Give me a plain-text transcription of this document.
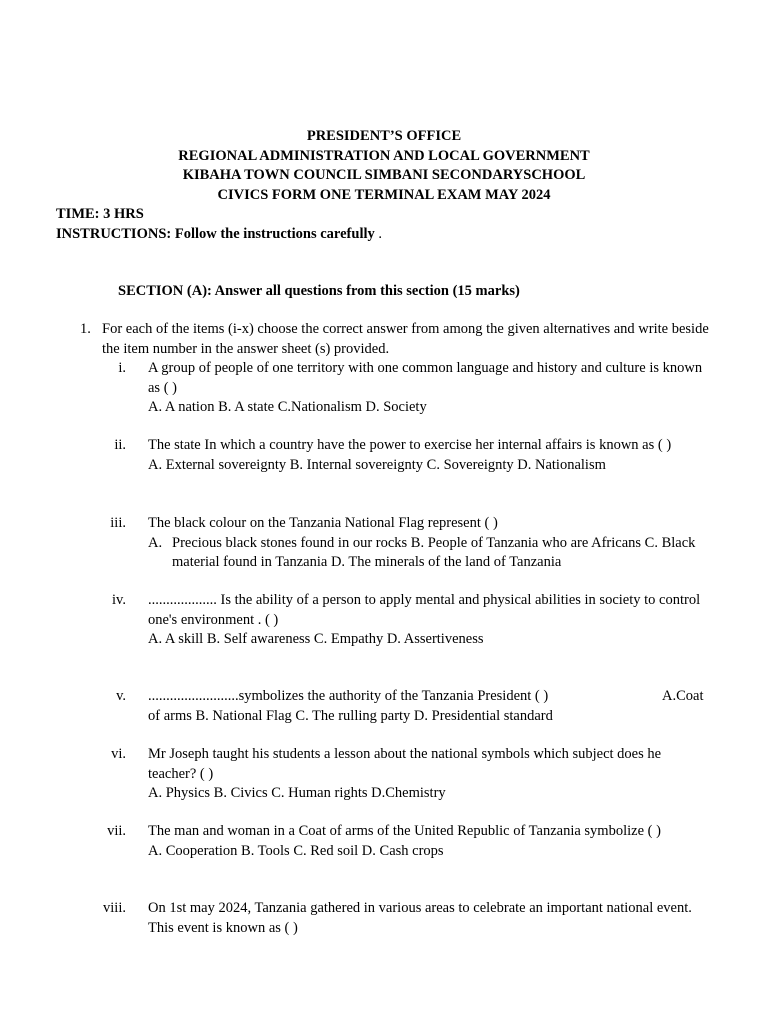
PRESIDENT’S OFFICE
REGIONAL ADMINISTRATION AND LOCAL GOVERNMENT
KIBAHA TOWN COUNCIL SIMBANI SECONDARYSCHOOL
CIVICS FORM ONE TERMINAL EXAM MAY 2024
TIME: 3 HRS
INSTRUCTIONS: Follow the instructions carefully .
SECTION (A): Answer all questions from this section (15 marks)
1. For each of the items (i-x) choose the correct answer from among the given alternatives and write beside the item number in the answer sheet (s) provided.
i. A group of people of one territory with one common language and history and culture is known as ( )
A. A nation B. A state C.Nationalism D. Society
ii. The state In which a country have the power to exercise her internal affairs is known as ( )
A. External sovereignty B. Internal sovereignty C. Sovereignty D. Nationalism
iii. The black colour on the Tanzania National Flag represent ( )
A. Precious black stones found in our rocks B. People of Tanzania who are Africans C. Black material found in Tanzania D. The minerals of the land of Tanzania
iv. ................... Is the ability of a person to apply mental and physical abilities in society to control one's environment . ( )
A. A skill B. Self awareness C. Empathy D. Assertiveness
v. .........................symbolizes the authority of the Tanzania President ( )	A.Coat
of arms B. National Flag C. The rulling party D. Presidential standard
vi. Mr Joseph taught his students a lesson about the national symbols which subject does he teacher? ( )
A. Physics B. Civics C. Human rights D.Chemistry
vii. The man and woman in a Coat of arms of the United Republic of Tanzania symbolize ( )
A. Cooperation B. Tools C. Red soil D. Cash crops
viii. On 1st may 2024, Tanzania gathered in various areas to celebrate an important national event. This event is known as ( )
